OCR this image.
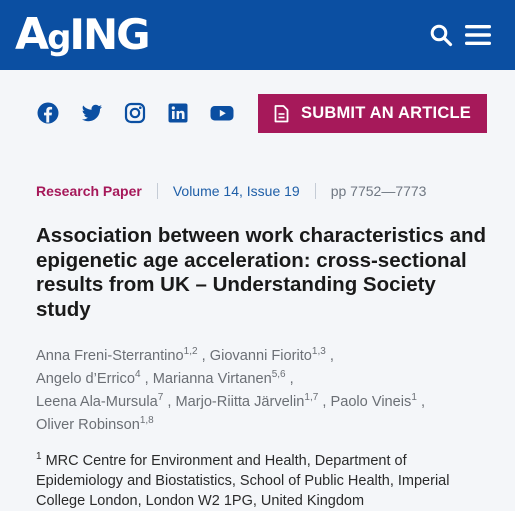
AgING
SUBMIT AN ARTICLE
Research Paper Volume 14, Issue 19 pp 7752—7773
Association between work characteristics and epigenetic age acceleration: cross-sectional results from UK – Understanding Society study
Anna Freni-Sterrantino$^{1,2}$ , Giovanni Fiorito$^{1,3}$ ,
Angelo d’Errico$^4$ , Marianna Virtanen$^{5,6}$ ,
Leena Ala-Mursula$^7$ , Marjo-Riitta Järvelin$^{1,7}$ , Paolo Vineis$^1$ ,
Oliver Robinson$^{1,8}$

$^1$ MRC Centre for Environment and Health, Department of Epidemiology and Biostatistics, School of Public Health, Imperial College London, London W2 1PG, United Kingdom
